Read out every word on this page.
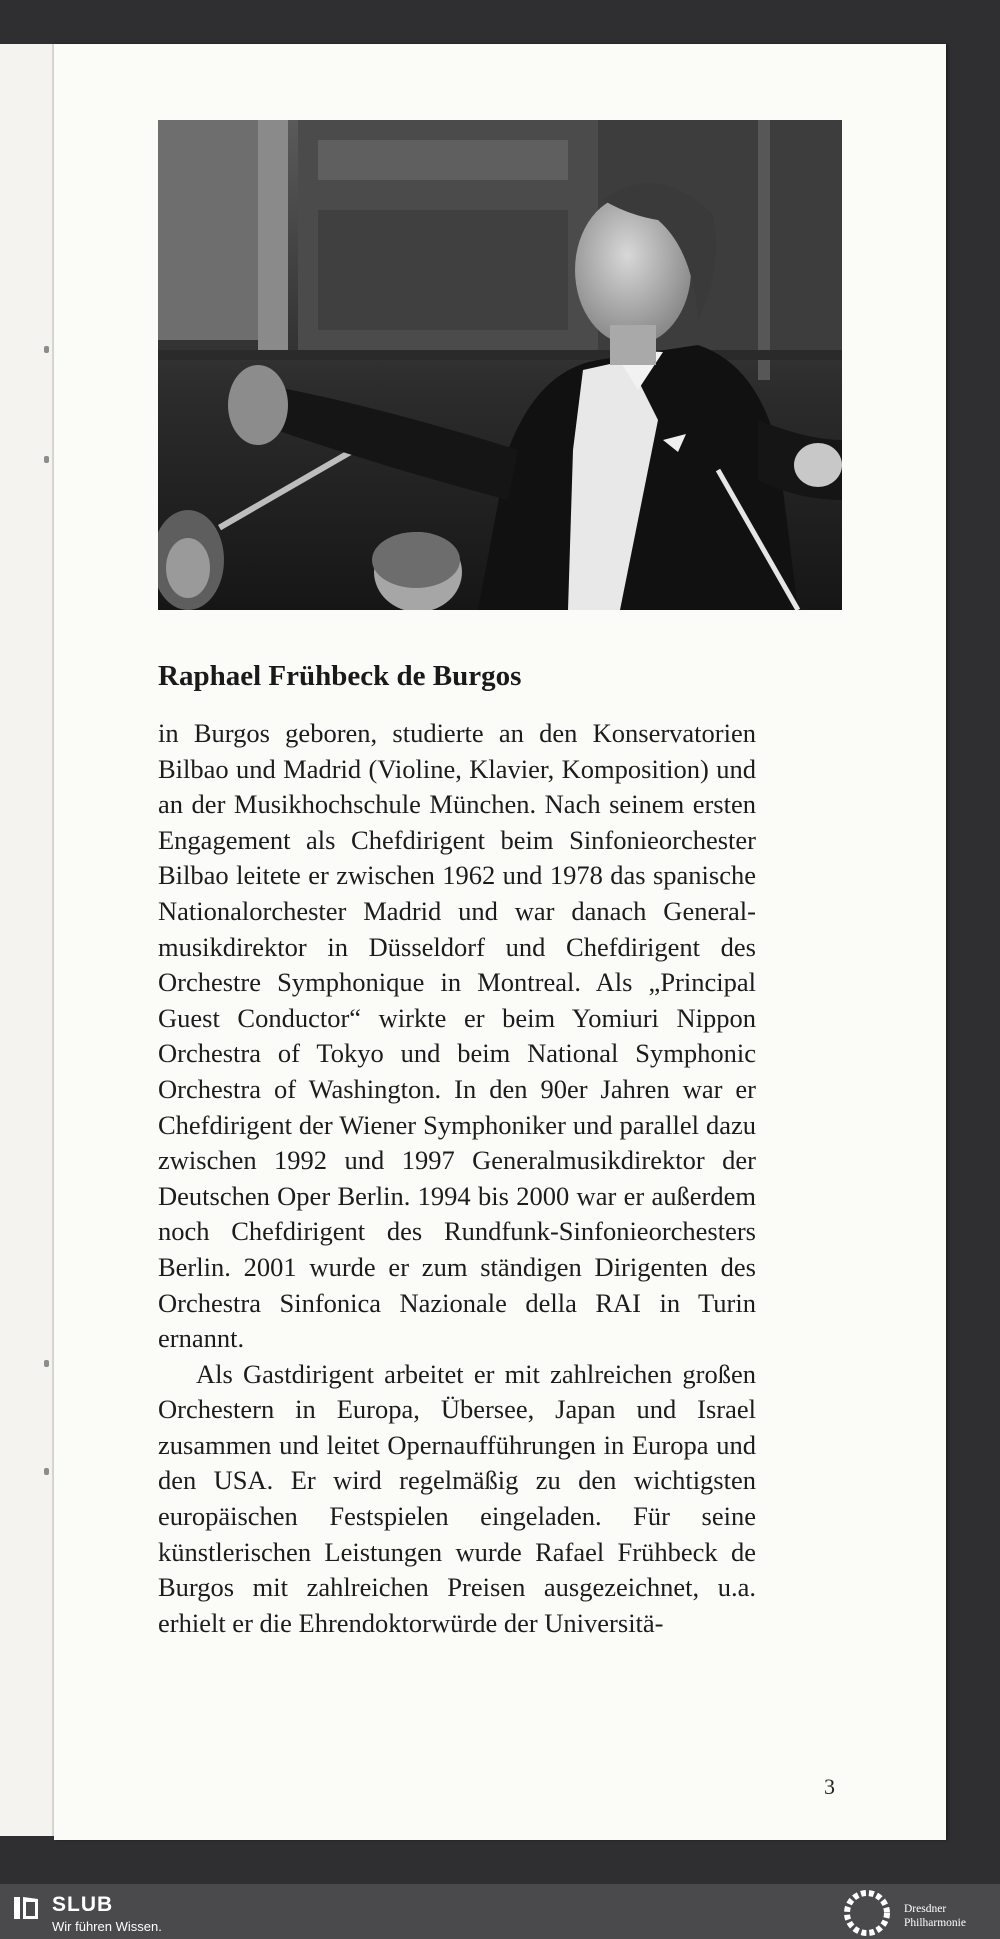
Raphael Frühbeck de Burgos

in Burgos geboren, studierte an den Konservatorien Bilbao und Madrid (Violine, Klavier, Komposition) und an der Musikhochschule München. Nach seinem ersten Engagement als Chefdirigent beim Sinfonieorchester Bilbao leitete er zwischen 1962 und 1978 das spanische Nationalorchester Madrid und war danach Generalmusikdirektor in Düsseldorf und Chefdirigent des Orchestre Symphonique in Montreal. Als „Principal Guest Conductor“ wirkte er beim Yomiuri Nippon Orchestra of Tokyo und beim National Symphonic Orchestra of Washington. In den 90er Jahren war er Chefdirigent der Wiener Symphoniker und parallel dazu zwischen 1992 und 1997 Generalmusikdirektor der Deutschen Oper Berlin. 1994 bis 2000 war er außerdem noch Chefdirigent des Rundfunk-Sinfonieorchesters Berlin. 2001 wurde er zum ständigen Dirigenten des Orchestra Sinfonica Nazionale della RAI in Turin ernannt.

Als Gastdirigent arbeitet er mit zahlreichen großen Orchestern in Europa, Übersee, Japan und Israel zusammen und leitet Opernaufführungen in Europa und den USA. Er wird regelmäßig zu den wichtigsten europäischen Festspielen eingeladen. Für seine künstlerischen Leistungen wurde Rafael Frühbeck de Burgos mit zahlreichen Preisen ausgezeichnet, u.a. erhielt er die Ehrendoktorwürde der Universitä-

3
SLUB
Wir führen Wissen.
Dresdner
Philharmonie
